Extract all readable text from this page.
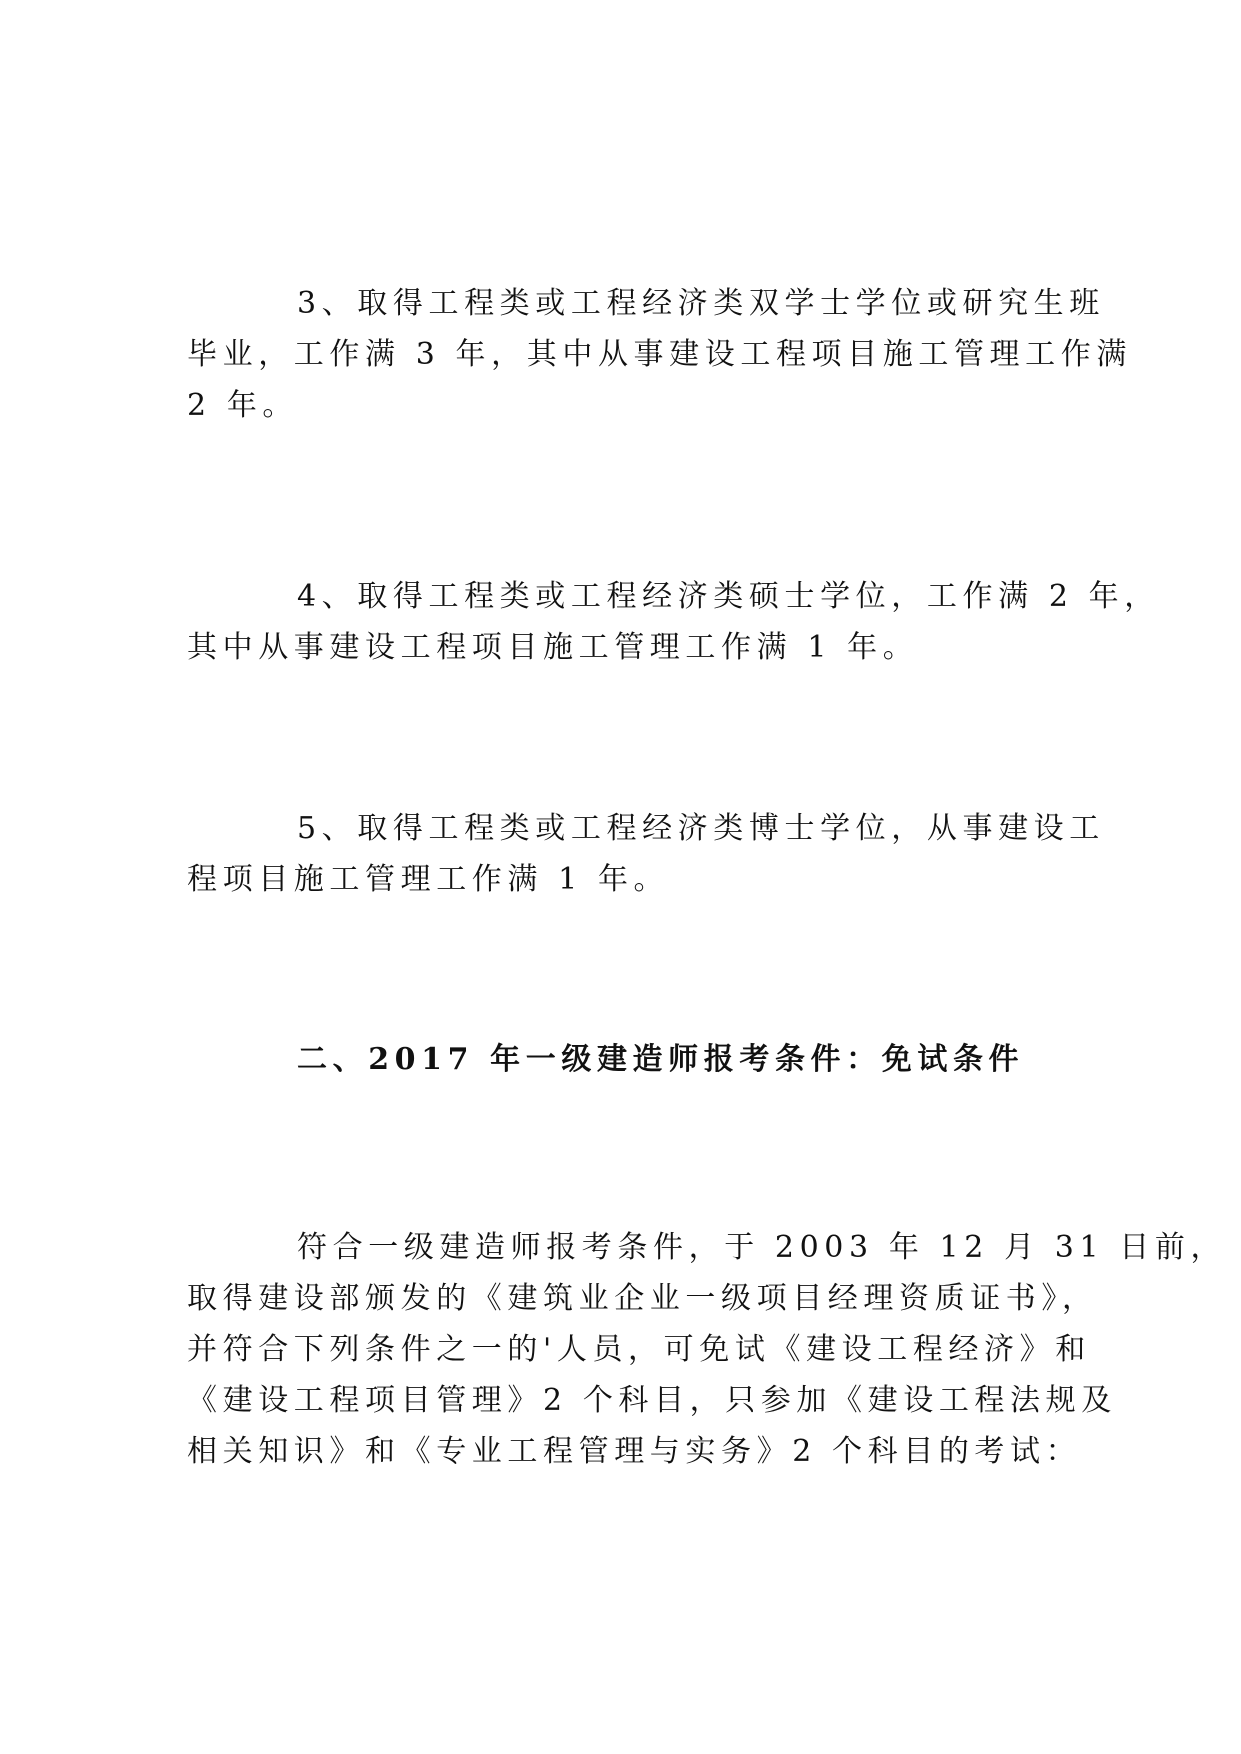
3、取得工程类或工程经济类双学士学位或研究生班
毕业，工作满 3 年，其中从事建设工程项目施工管理工作满
2 年。

4、取得工程类或工程经济类硕士学位，工作满 2 年，
其中从事建设工程项目施工管理工作满 1 年。

5、取得工程类或工程经济类博士学位，从事建设工
程项目施工管理工作满 1 年。

二、2017 年一级建造师报考条件：免试条件

符合一级建造师报考条件，于 2003 年 12 月 31 日前，
取得建设部颁发的《建筑业企业一级项目经理资质证书》，
并符合下列条件之一的'人员，可免试《建设工程经济》和
《建设工程项目管理》2 个科目，只参加《建设工程法规及
相关知识》和《专业工程管理与实务》2 个科目的考试：
